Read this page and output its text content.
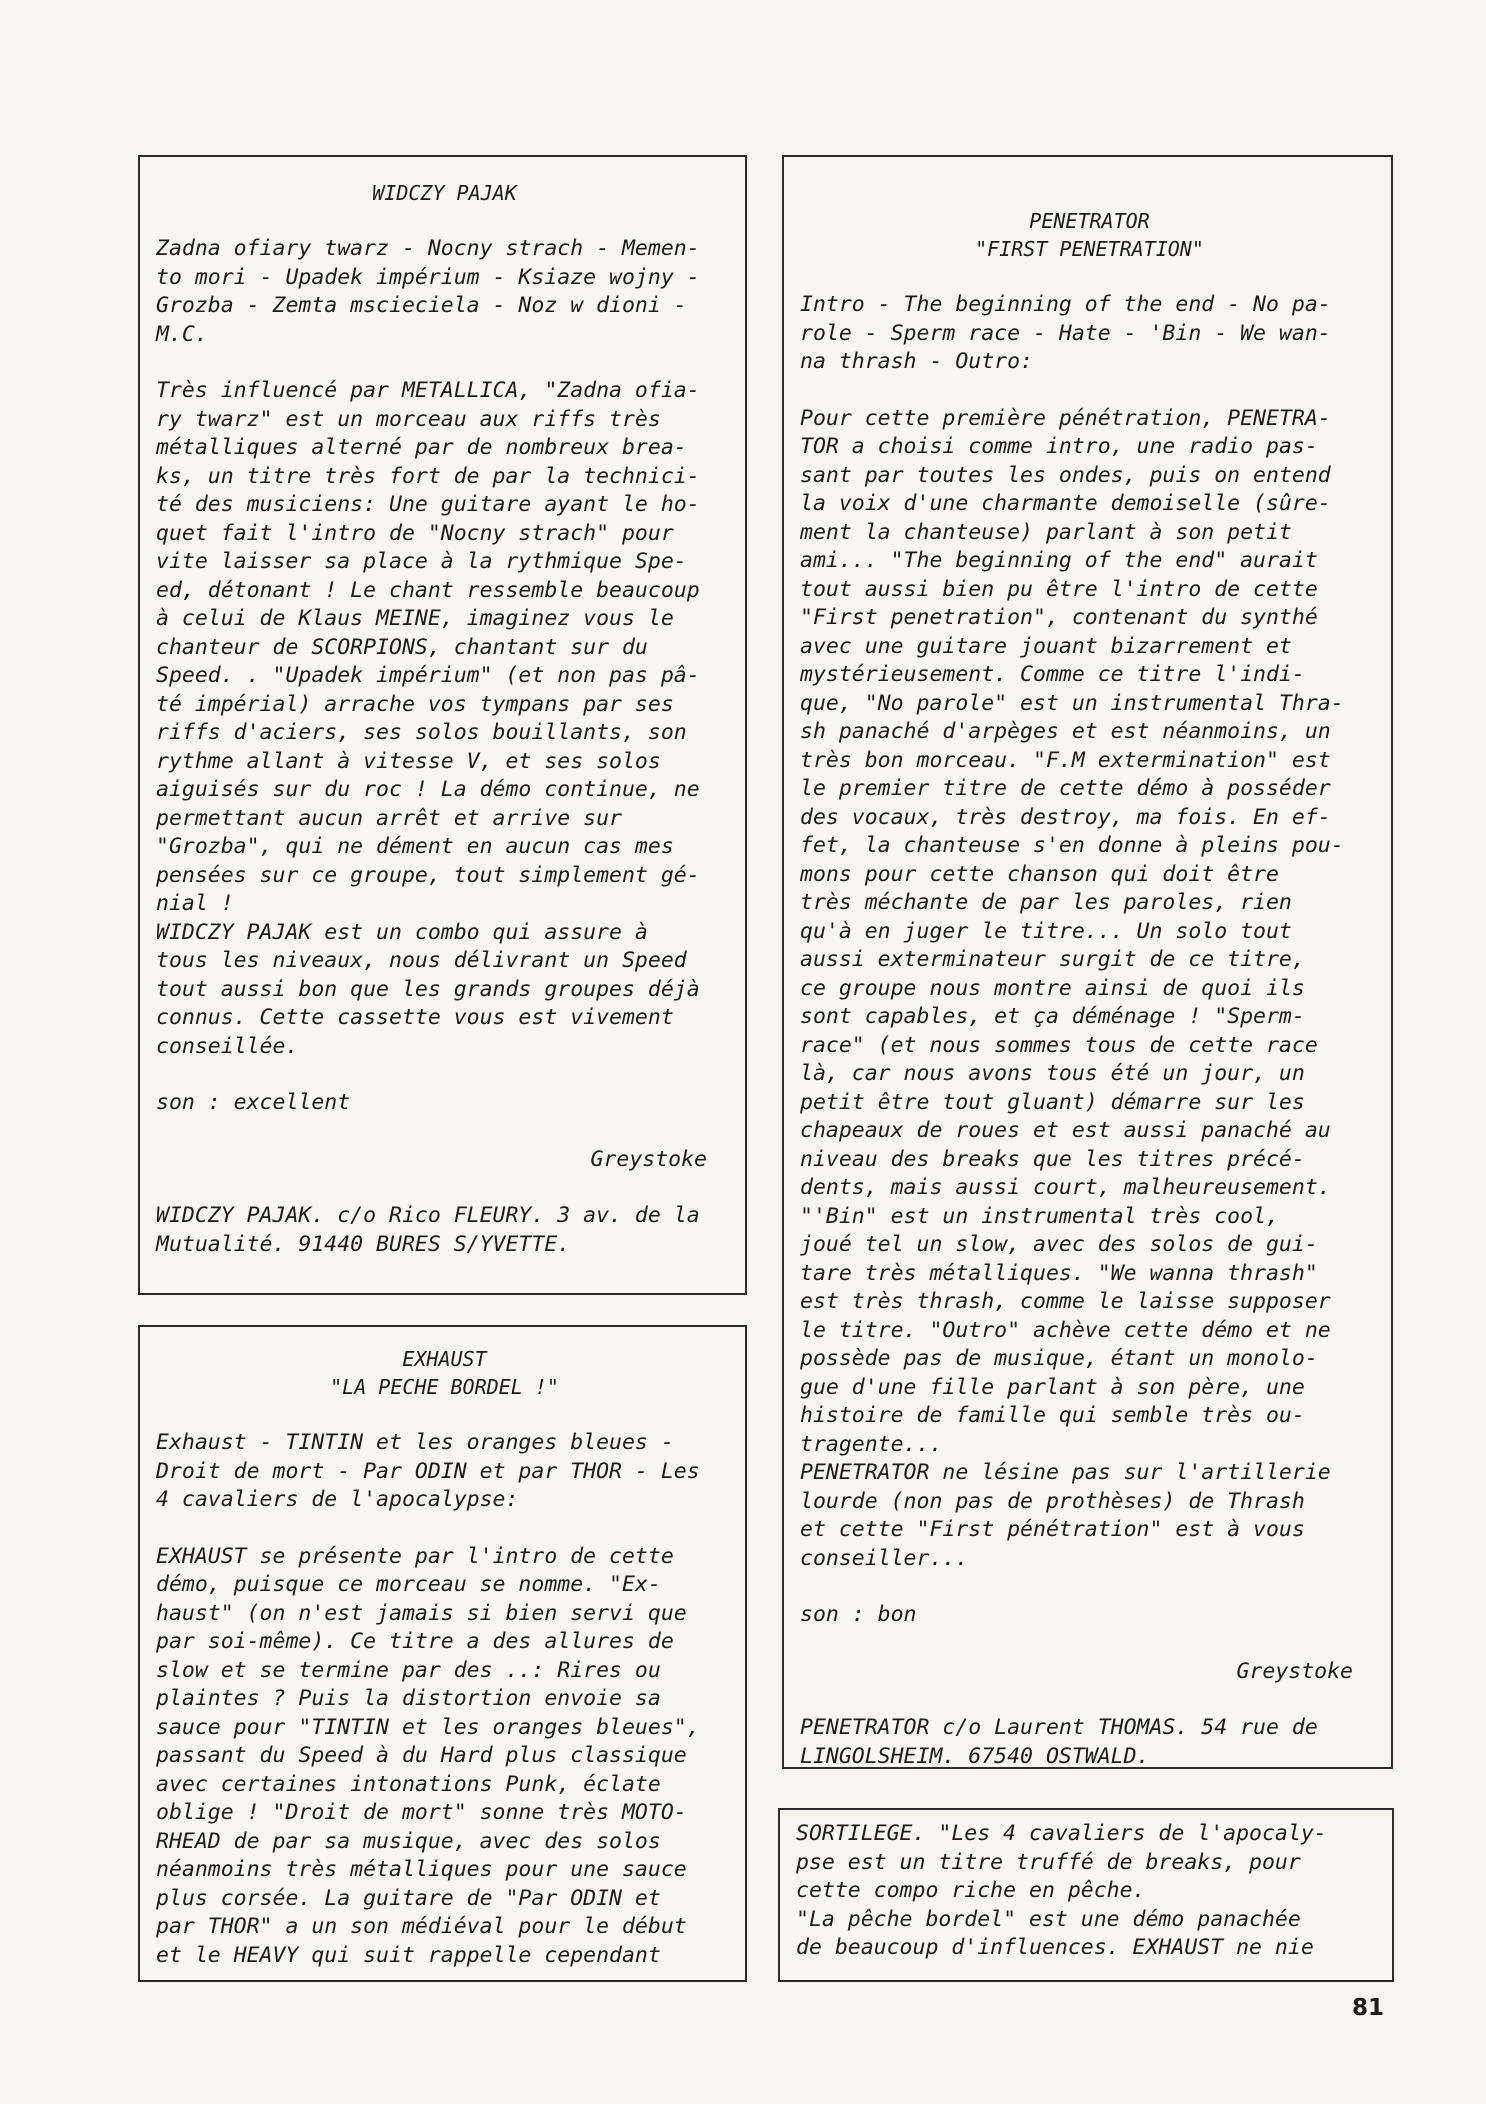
WIDCZY PAJAK

Zadna ofiary twarz - Nocny strach - Memen-
to mori - Upadek impérium - Ksiaze wojny -
Grozba - Zemta mscieciela - Noz w dioni -
M.C.

Très influencé par METALLICA, "Zadna ofia-
ry twarz" est un morceau aux riffs très
métalliques alterné par de nombreux brea-
ks, un titre très fort de par la technici-
té des musiciens: Une guitare ayant le ho-
quet fait l'intro de "Nocny strach" pour
vite laisser sa place à la rythmique Spe-
ed, détonant ! Le chant ressemble beaucoup
à celui de Klaus MEINE, imaginez vous le
chanteur de SCORPIONS, chantant sur du
Speed. . "Upadek impérium" (et non pas pâ-
té impérial) arrache vos tympans par ses
riffs d'aciers, ses solos bouillants, son
rythme allant à vitesse V, et ses solos
aiguisés sur du roc ! La démo continue, ne
permettant aucun arrêt et arrive sur
"Grozba", qui ne dément en aucun cas mes
pensées sur ce groupe, tout simplement gé-
nial !
WIDCZY PAJAK est un combo qui assure à
tous les niveaux, nous délivrant un Speed
tout aussi bon que les grands groupes déjà
connus. Cette cassette vous est vivement
conseillée.

son : excellent

Greystoke

WIDCZY PAJAK. c/o Rico FLEURY. 3 av. de la
Mutualité. 91440 BURES S/YVETTE.

PENETRATOR
"FIRST PENETRATION"

Intro - The beginning of the end - No pa-
role - Sperm race - Hate - 'Bin - We wan-
na thrash - Outro:

Pour cette première pénétration, PENETRA-
TOR a choisi comme intro, une radio pas-
sant par toutes les ondes, puis on entend
la voix d'une charmante demoiselle (sûre-
ment la chanteuse) parlant à son petit
ami... "The beginning of the end" aurait
tout aussi bien pu être l'intro de cette
"First penetration", contenant du synthé
avec une guitare jouant bizarrement et
mystérieusement. Comme ce titre l'indi-
que, "No parole" est un instrumental Thra-
sh panaché d'arpèges et est néanmoins, un
très bon morceau. "F.M extermination" est
le premier titre de cette démo à posséder
des vocaux, très destroy, ma fois. En ef-
fet, la chanteuse s'en donne à pleins pou-
mons pour cette chanson qui doit être
très méchante de par les paroles, rien
qu'à en juger le titre... Un solo tout
aussi exterminateur surgit de ce titre,
ce groupe nous montre ainsi de quoi ils
sont capables, et ça déménage ! "Sperm-
race" (et nous sommes tous de cette race
là, car nous avons tous été un jour, un
petit être tout gluant) démarre sur les
chapeaux de roues et est aussi panaché au
niveau des breaks que les titres précé-
dents, mais aussi court, malheureusement.
"'Bin" est un instrumental très cool,
joué tel un slow, avec des solos de gui-
tare très métalliques. "We wanna thrash"
est très thrash, comme le laisse supposer
le titre. "Outro" achève cette démo et ne
possède pas de musique, étant un monolo-
gue d'une fille parlant à son père, une
histoire de famille qui semble très ou-
tragente...
PENETRATOR ne lésine pas sur l'artillerie
lourde (non pas de prothèses) de Thrash
et cette "First pénétration" est à vous
conseiller...

son : bon

Greystoke

PENETRATOR c/o Laurent THOMAS. 54 rue de
LINGOLSHEIM. 67540 OSTWALD.

EXHAUST
"LA PECHE BORDEL !"

Exhaust - TINTIN et les oranges bleues -
Droit de mort - Par ODIN et par THOR - Les
4 cavaliers de l'apocalypse:

EXHAUST se présente par l'intro de cette
démo, puisque ce morceau se nomme. "Ex-
haust" (on n'est jamais si bien servi que
par soi-même). Ce titre a des allures de
slow et se termine par des ..: Rires ou
plaintes ? Puis la distortion envoie sa
sauce pour "TINTIN et les oranges bleues",
passant du Speed à du Hard plus classique
avec certaines intonations Punk, éclate
oblige ! "Droit de mort" sonne très MOTO-
RHEAD de par sa musique, avec des solos
néanmoins très métalliques pour une sauce
plus corsée. La guitare de "Par ODIN et
par THOR" a un son médiéval pour le début
et le HEAVY qui suit rappelle cependant

SORTILEGE. "Les 4 cavaliers de l'apocaly-
pse est un titre truffé de breaks, pour
cette compo riche en pêche.
"La pêche bordel" est une démo panachée
de beaucoup d'influences. EXHAUST ne nie

81
